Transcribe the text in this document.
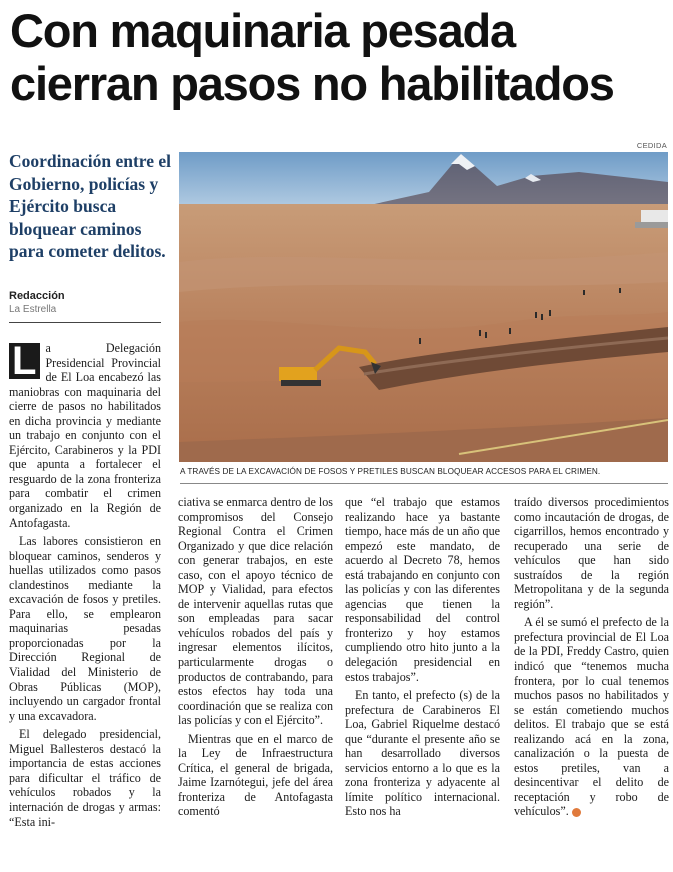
Con maquinaria pesada cierran pasos no habilitados

Coordinación entre el Gobierno, policías y Ejército busca bloquear caminos para cometer delitos.

Redacción
La Estrella
CEDIDA
A TRAVÉS DE LA EXCAVACIÓN DE FOSOS Y PRETILES BUSCAN BLOQUEAR ACCESOS PARA EL CRIMEN.

L a Delegación Presidencial Provincial de El Loa encabezó las maniobras con maquinaria del cierre de pasos no habilitados en dicha provincia y mediante un trabajo en conjunto con el Ejército, Carabineros y la PDI que apunta a fortalecer el resguardo de la zona fronteriza para combatir el crimen organizado en la Región de Antofagasta.

Las labores consistieron en bloquear caminos, senderos y huellas utilizados como pasos clandestinos mediante la excavación de fosos y pretiles. Para ello, se emplearon maquinarias pesadas proporcionadas por la Dirección Regional de Vialidad del Ministerio de Obras Públicas (MOP), incluyendo un cargador frontal y una excavadora.

El delegado presidencial, Miguel Ballesteros destacó la importancia de estas acciones para dificultar el tráfico de vehículos robados y la internación de drogas y armas: “Esta ini-

ciativa se enmarca dentro de los compromisos del Consejo Regional Contra el Crimen Organizado y que dice relación con generar trabajos, en este caso, con el apoyo técnico de MOP y Vialidad, para efectos de intervenir aquellas rutas que son empleadas para sacar vehículos robados del país y ingresar elementos ilícitos, particularmente drogas o productos de contrabando, para estos efectos hay toda una coordinación que se realiza con las policías y con el Ejército”.

Mientras que en el marco de la Ley de Infraestructura Crítica, el general de brigada, Jaime Izarnótegui, jefe del área fronteriza de Antofagasta comentó

que “el trabajo que estamos realizando hace ya bastante tiempo, hace más de un año que empezó este mandato, de acuerdo al Decreto 78, hemos está trabajando en conjunto con las policías y con las diferentes agencias que tienen la responsabilidad del control fronterizo y hoy estamos cumpliendo otro hito junto a la delegación presidencial en estos trabajos”.

En tanto, el prefecto (s) de la prefectura de Carabineros El Loa, Gabriel Riquelme destacó que “durante el presente año se han desarrollado diversos servicios entorno a lo que es la zona fronteriza y adyacente al límite político internacional. Esto nos ha

traído diversos procedimientos como incautación de drogas, de cigarrillos, hemos encontrado y recuperado una serie de vehículos que han sido sustraídos de la región Metropolitana y de la segunda región”.

A él se sumó el prefecto de la prefectura provincial de El Loa de la PDI, Freddy Castro, quien indicó que “tenemos mucha frontera, por lo cual tenemos muchos pasos no habilitados y se están cometiendo muchos delitos. El trabajo que se está realizando acá en la zona, canalización o la puesta de estos pretiles, van a desincentivar el delito de receptación y robo de vehículos”.
